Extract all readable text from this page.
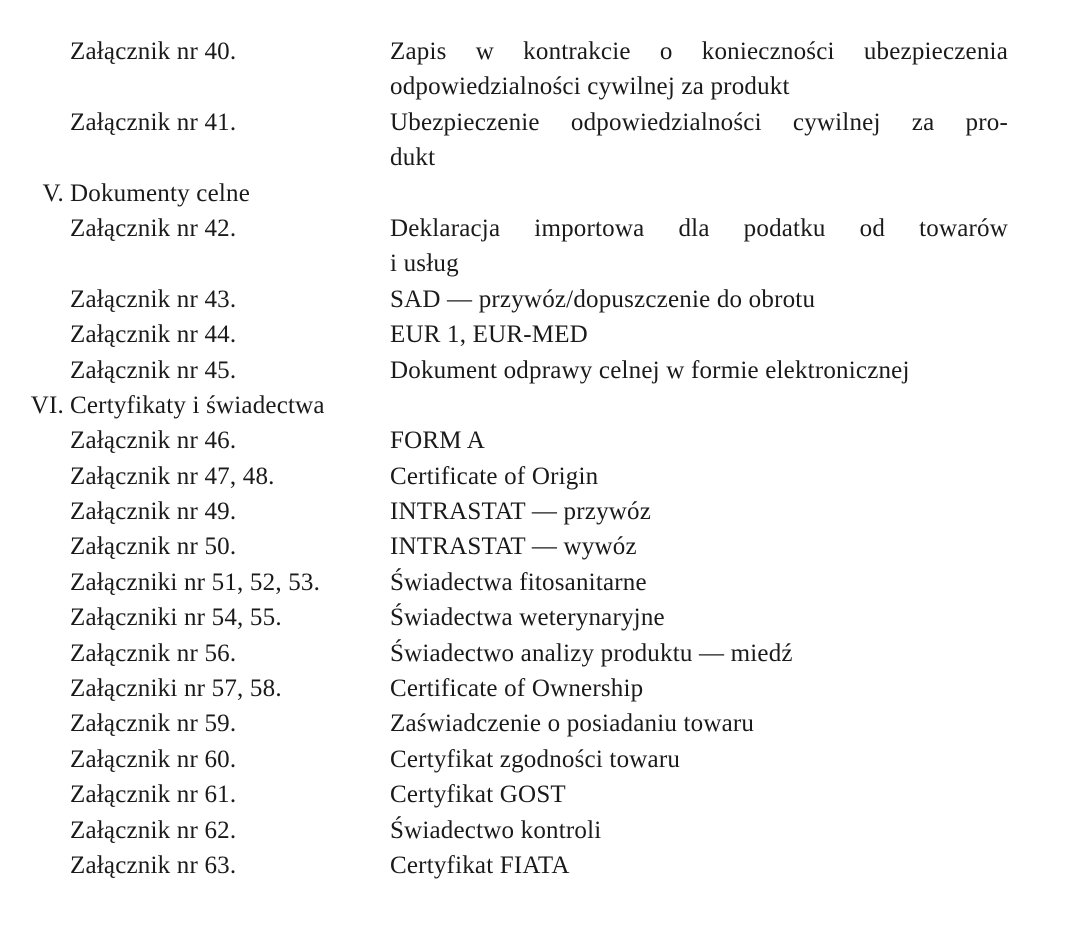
Załącznik nr 40.	Zapis w kontrakcie o konieczności ubezpieczenia
odpowiedzialności cywilnej za produkt
Załącznik nr 41.	Ubezpieczenie odpowiedzialności cywilnej za pro-
dukt
V. Dokumenty celne
Załącznik nr 42.	Deklaracja importowa dla podatku od towarów
i usług
Załącznik nr 43.	SAD — przywóz/dopuszczenie do obrotu
Załącznik nr 44.	EUR 1, EUR-MED
Załącznik nr 45.	Dokument odprawy celnej w formie elektronicznej
VI. Certyfikaty i świadectwa
Załącznik nr 46.	FORM A
Załącznik nr 47, 48.	Certificate of Origin
Załącznik nr 49.	INTRASTAT — przywóz
Załącznik nr 50.	INTRASTAT — wywóz
Załączniki nr 51, 52, 53.	Świadectwa fitosanitarne
Załączniki nr 54, 55.	Świadectwa weterynaryjne
Załącznik nr 56.	Świadectwo analizy produktu — miedź
Załączniki nr 57, 58.	Certificate of Ownership
Załącznik nr 59.	Zaświadczenie o posiadaniu towaru
Załącznik nr 60.	Certyfikat zgodności towaru
Załącznik nr 61.	Certyfikat GOST
Załącznik nr 62.	Świadectwo kontroli
Załącznik nr 63.	Certyfikat FIATA
